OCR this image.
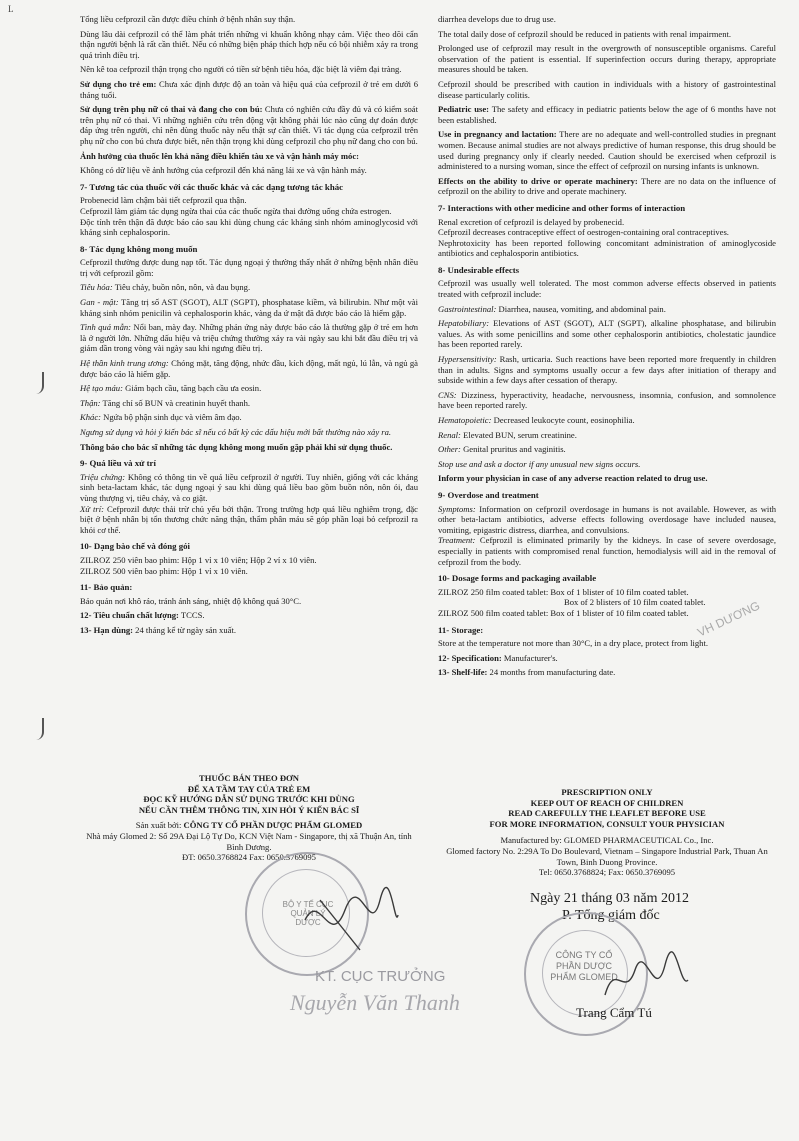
L

Tổng liều cefprozil cần được điều chỉnh ở bệnh nhân suy thận.

Dùng lâu dài cefprozil có thể làm phát triển những vi khuẩn không nhạy cảm. Việc theo dõi cẩn thận người bệnh là rất cần thiết. Nếu có những biện pháp thích hợp nếu có bội nhiễm xảy ra trong quá trình điều trị.

Nên kê toa cefprozil thận trọng cho người có tiền sử bệnh tiêu hóa, đặc biệt là viêm đại tràng.

Sử dụng cho trẻ em: Chưa xác định được độ an toàn và hiệu quả của cefprozil ở trẻ em dưới 6 tháng tuổi.

Sử dụng trên phụ nữ có thai và đang cho con bú: Chưa có nghiên cứu đầy đủ và có kiểm soát trên phụ nữ có thai. Vì những nghiên cứu trên động vật không phải lúc nào cũng dự đoán được đáp ứng trên người, chỉ nên dùng thuốc này nếu thật sự cần thiết. Vì tác dụng của cefprozil trên phụ nữ cho con bú chưa được biết, nên thận trọng khi dùng cefprozil cho phụ nữ đang cho con bú.

Ảnh hưởng của thuốc lên khả năng điều khiển tàu xe và vận hành máy móc:

Không có dữ liệu về ảnh hưởng của cefprozil đến khả năng lái xe và vận hành máy.

7- Tương tác của thuốc với các thuốc khác và các dạng tương tác khác

Probenecid làm chậm bài tiết cefprozil qua thận.
Cefprozil làm giảm tác dụng ngừa thai của các thuốc ngừa thai đường uống chứa estrogen.
Độc tính trên thận đã được báo cáo sau khi dùng chung các kháng sinh nhóm aminoglycosid với kháng sinh cephalosporin.

8- Tác dụng không mong muốn

Cefprozil thường được dung nạp tốt. Tác dụng ngoại ý thường thấy nhất ở những bệnh nhân điều trị với cefprozil gồm:

Tiêu hóa: Tiêu chảy, buồn nôn, nôn, và đau bụng.

Gan - mật: Tăng trị số AST (SGOT), ALT (SGPT), phosphatase kiềm, và bilirubin. Như một vài kháng sinh nhóm penicilin và cephalosporin khác, vàng da ứ mật đã được báo cáo là hiếm gặp.

Tình quá mẫn: Nổi ban, mày đay. Những phản ứng này được báo cáo là thường gặp ở trẻ em hơn là ở người lớn. Những dấu hiệu và triệu chứng thường xảy ra vài ngày sau khi bắt đầu điều trị và giảm dần trong vòng vài ngày sau khi ngưng điều trị.

Hệ thần kinh trung ương: Chóng mặt, tăng động, nhức đầu, kích động, mất ngủ, lú lẫn, và ngủ gà được báo cáo là hiếm gặp.

Hệ tạo máu: Giảm bạch cầu, tăng bạch cầu ưa eosin.

Thận: Tăng chỉ số BUN và creatinin huyết thanh.

Khác: Ngứa bộ phận sinh dục và viêm âm đạo.

Ngưng sử dụng và hỏi ý kiến bác sĩ nếu có bất kỳ các dấu hiệu mới bất thường nào xảy ra.

Thông báo cho bác sĩ những tác dụng không mong muốn gặp phải khi sử dụng thuốc.

9- Quá liều và xử trí

Triệu chứng: Không có thông tin về quá liều cefprozil ở người. Tuy nhiên, giống với các kháng sinh beta-lactam khác, tác dụng ngoại ý sau khi dùng quá liều bao gồm buồn nôn, nôn ói, đau vùng thượng vị, tiêu chảy, và co giật.

Xử trí: Cefprozil được thải trừ chủ yếu bởi thận. Trong trường hợp quá liều nghiêm trọng, đặc biệt ở bệnh nhân bị tổn thương chức năng thận, thẩm phân máu sẽ góp phần loại bỏ cefprozil ra khỏi cơ thể.

10- Dạng bào chế và đóng gói

ZILROZ 250 viên bao phim: Hộp 1 vỉ x 10 viên; Hộp 2 vỉ x 10 viên.
ZILROZ 500 viên bao phim: Hộp 1 vỉ x 10 viên.

11- Bảo quản:

Bảo quản nơi khô ráo, tránh ánh sáng, nhiệt độ không quá 30°C.

12- Tiêu chuẩn chất lượng: TCCS.

13- Hạn dùng: 24 tháng kể từ ngày sản xuất.

THUỐC BÁN THEO ĐƠN

ĐỂ XA TẦM TAY CỦA TRẺ EM

ĐỌC KỸ HƯỚNG DẪN SỬ DỤNG TRƯỚC KHI DÙNG

NẾU CẦN THÊM THÔNG TIN, XIN HỎI Ý KIẾN BÁC SĨ

Sản xuất bởi: CÔNG TY CỔ PHẦN DƯỢC PHẨM GLOMED

Nhà máy Glomed 2: Số 29A Đại Lộ Tự Do, KCN Việt Nam - Singapore, thị xã Thuận An, tỉnh Bình Dương.

ĐT: 0650.3768824 Fax: 0650.3769095

diarrhea develops due to drug use.

The total daily dose of cefprozil should be reduced in patients with renal impairment.

Prolonged use of cefprozil may result in the overgrowth of nonsusceptible organisms. Careful observation of the patient is essential. If superinfection occurs during therapy, appropriate measures should be taken.

Cefprozil should be prescribed with caution in individuals with a history of gastrointestinal disease particularly colitis.

Pediatric use: The safety and efficacy in pediatric patients below the age of 6 months have not been established.

Use in pregnancy and lactation: There are no adequate and well-controlled studies in pregnant women. Because animal studies are not always predictive of human response, this drug should be used during pregnancy only if clearly needed. Caution should be exercised when cefprozil is administered to a nursing woman, since the effect of cefprozil on nursing infants is unknown.

Effects on the ability to drive or operate machinery: There are no data on the influence of cefprozil on the ability to drive and operate machinery.

7- Interactions with other medicine and other forms of interaction

Renal excretion of cefprozil is delayed by probenecid.
Cefprozil decreases contraceptive effect of oestrogen-containing oral contraceptives.
Nephrotoxicity has been reported following concomitant administration of aminoglycoside antibiotics and cephalosporin antibiotics.

8- Undesirable effects

Cefprozil was usually well tolerated. The most common adverse effects observed in patients treated with cefprozil include:

Gastrointestinal: Diarrhea, nausea, vomiting, and abdominal pain.

Hepatobiliary: Elevations of AST (SGOT), ALT (SGPT), alkaline phosphatase, and bilirubin values. As with some penicillins and some other cephalosporin antibiotics, cholestatic jaundice has been reported rarely.

Hypersensitivity: Rash, urticaria. Such reactions have been reported more frequently in children than in adults. Signs and symptoms usually occur a few days after initiation of therapy and subside within a few days after cessation of therapy.

CNS: Dizziness, hyperactivity, headache, nervousness, insomnia, confusion, and somnolence have been reported rarely.

Hematopoietic: Decreased leukocyte count, eosinophilia.

Renal: Elevated BUN, serum creatinine.

Other: Genital pruritus and vaginitis.

Stop use and ask a doctor if any unusual new signs occurs.

Inform your physician in case of any adverse reaction related to drug use.

9- Overdose and treatment

Symptoms: Information on cefprozil overdosage in humans is not available. However, as with other beta-lactam antibiotics, adverse effects following overdosage have included nausea, vomiting, epigastric distress, diarrhea, and convulsions.

Treatment: Cefprozil is eliminated primarily by the kidneys. In case of severe overdosage, especially in patients with compromised renal function, hemodialysis will aid in the removal of cefprozil from the body.

10- Dosage forms and packaging available

ZILROZ 250 film coated tablet: Box of 1 blister of 10 film coated tablet.

Box of 2 blisters of 10 film coated tablet.

ZILROZ 500 film coated tablet: Box of 1 blister of 10 film coated tablet.

11- Storage:

Store at the temperature not more than 30°C, in a dry place, protect from light.

12- Specification: Manufacturer's.

13- Shelf-life: 24 months from manufacturing date.

PRESCRIPTION ONLY

KEEP OUT OF REACH OF CHILDREN

READ CAREFULLY THE LEAFLET BEFORE USE

FOR MORE INFORMATION, CONSULT YOUR PHYSICIAN

Manufactured by: GLOMED PHARMACEUTICAL Co., Inc.

Glomed factory No. 2:29A To Do Boulevard, Vietnam – Singapore Industrial Park, Thuan An Town, Binh Duong Province.

Tel: 0650.3768824; Fax: 0650.3769095

VH DƯƠNG
BỘ Y TẾ CỤC QUẢN LÝ DƯỢC
KT. CỤC TRƯỞNG
Nguyễn Văn Thanh

Ngày 21 tháng 03 năm 2012

P. Tổng giám đốc

CÔNG TY CỔ PHẦN DƯỢC PHẨM GLOMED
Trang Cẩm Tú
